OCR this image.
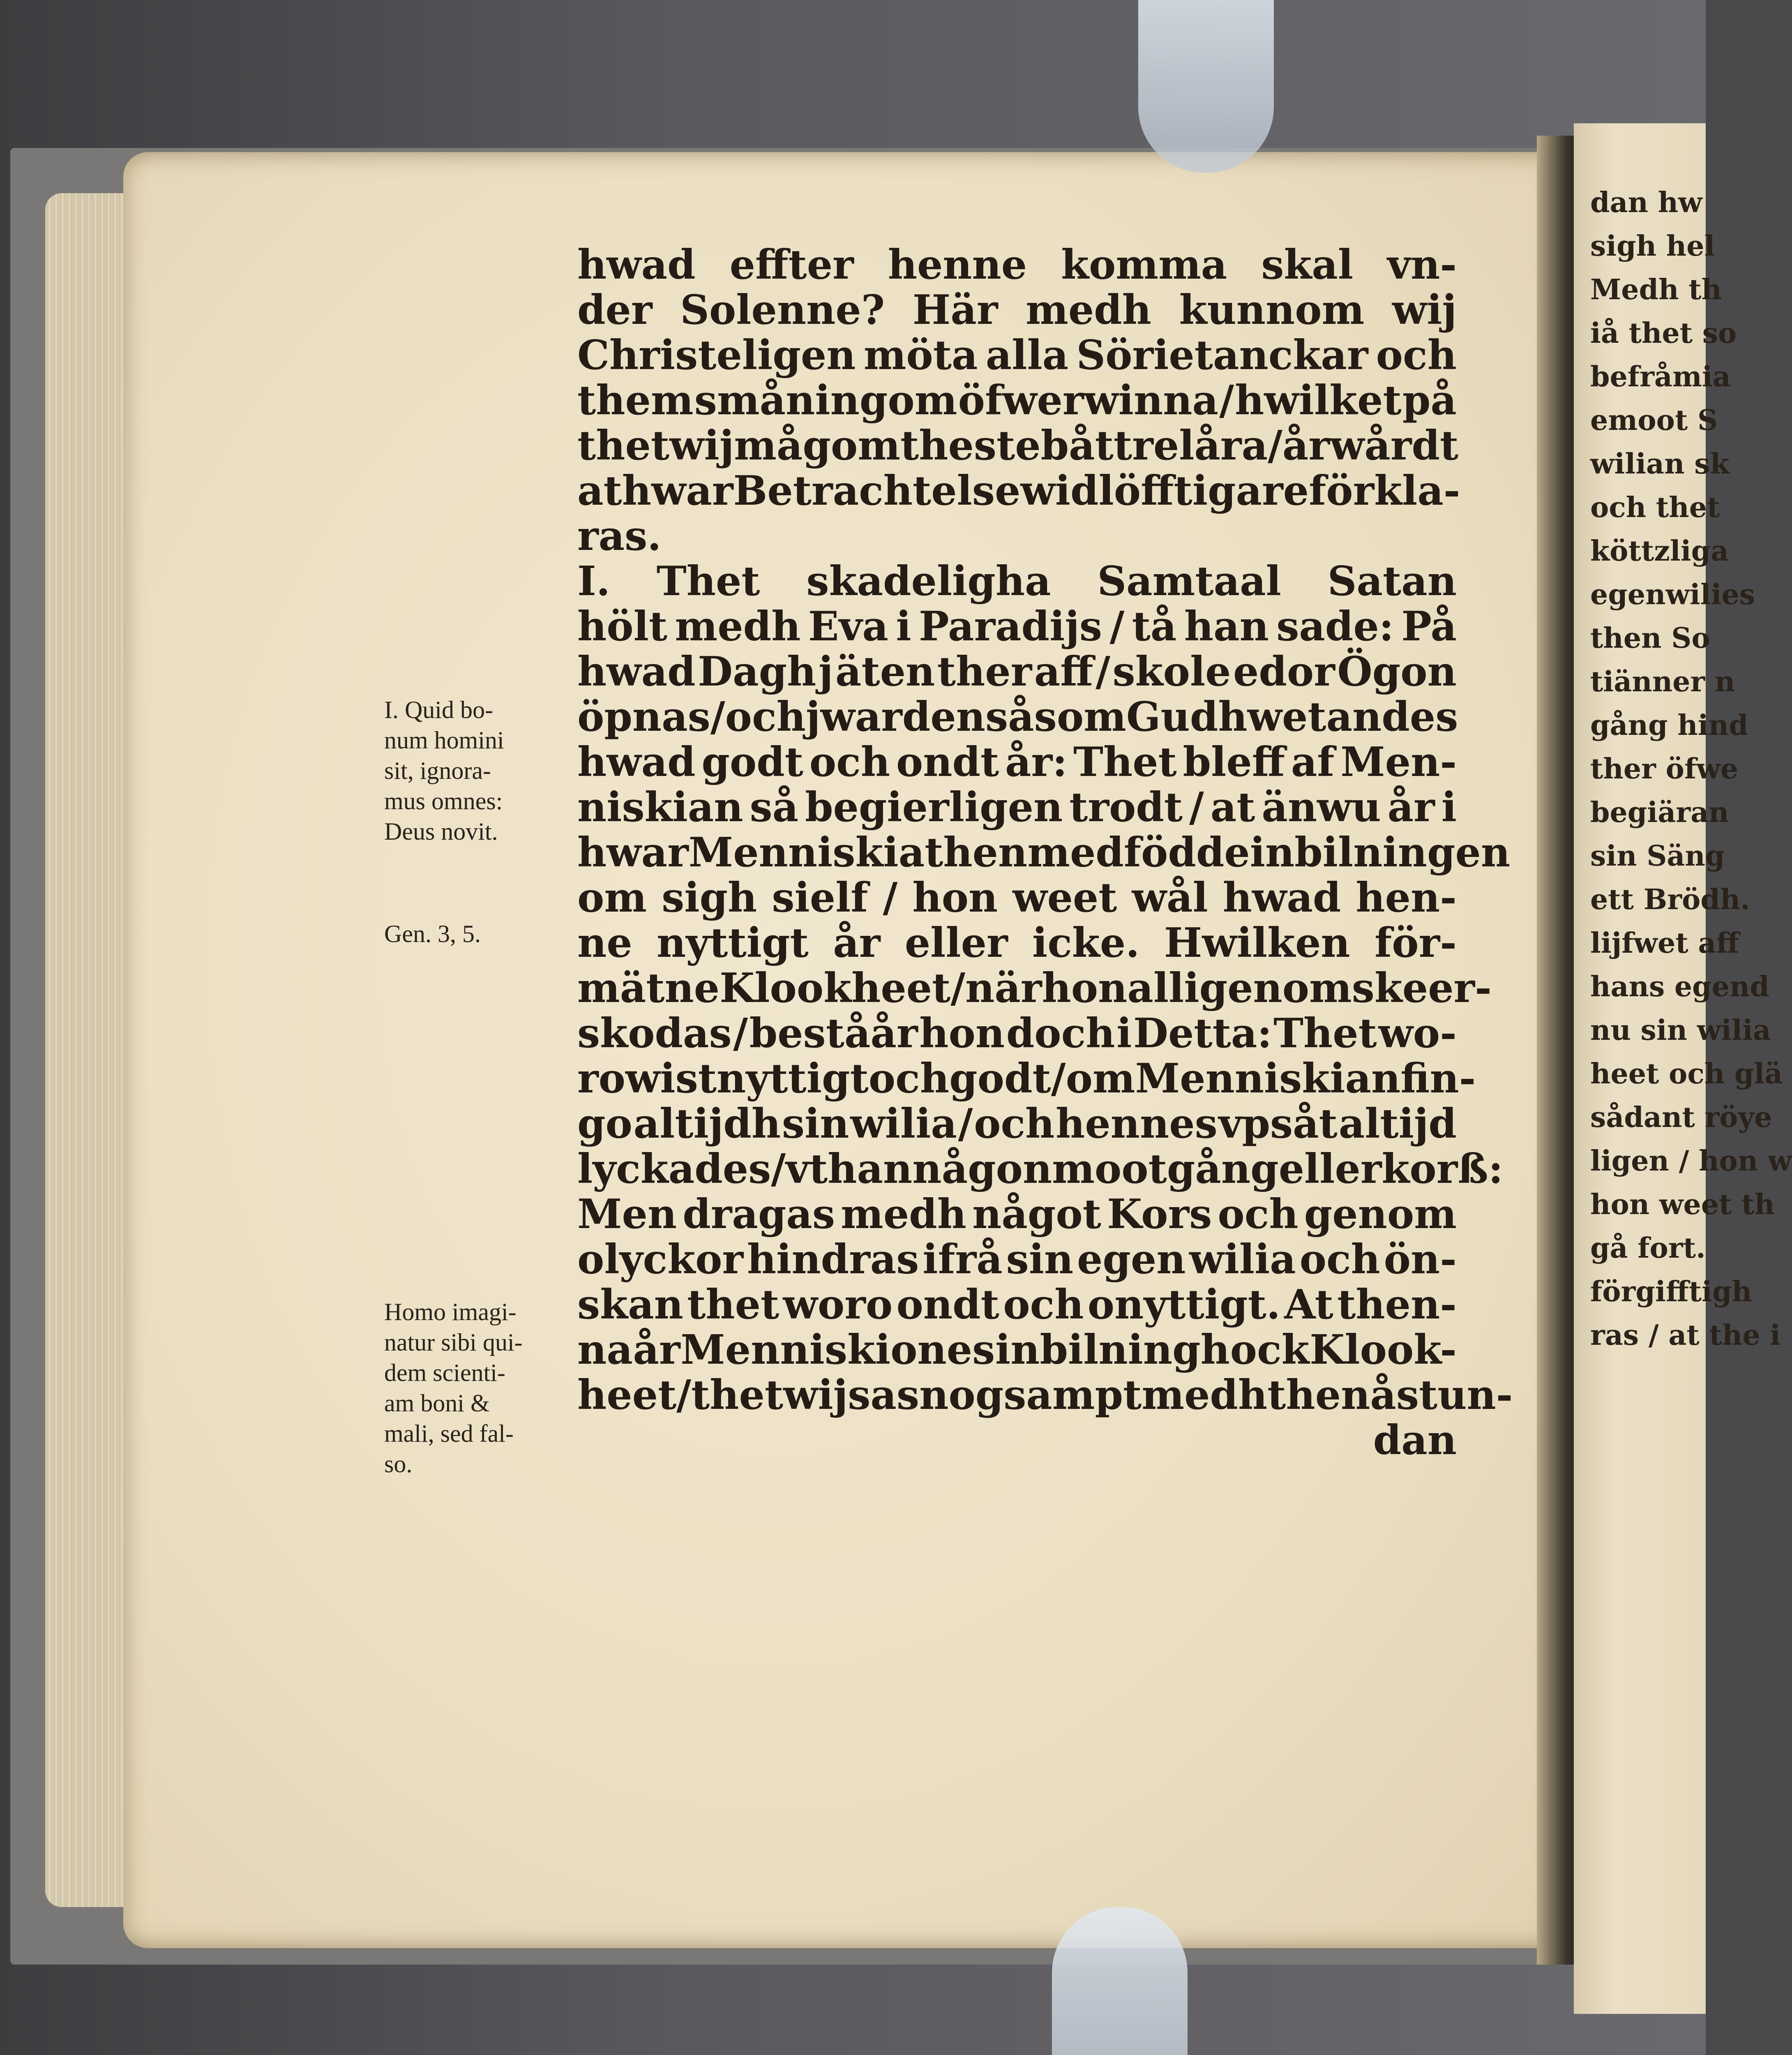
hwad effter henne komma skal vn-
der Solenne? Här medh kunnom wij
Christeligen möta alla Sörietanckar och
them småningom öfwerwinna / hwilket på
thet wij mågom theste båttre låra / år wårdt
at hwar Betrachtelse widlöfftigare förkla-
ras.
I. Thet skadeligha Samtaal Satan
hölt medh Eva i Paradijs / tå han sade: På
hwad Dagh j äten ther aff / skole edor Ögon
öpnas / och j warden såsom Gudh wetandes
hwad godt och ondt år: Thet bleff af Men-
niskian så begierligen trodt / at änwu år i
hwar Menniskia then medfödde inbilningen
om sigh sielf / hon weet wål hwad hen-
ne nyttigt år eller icke. Hwilken för-
mätne Klookheet / när hon all igenom skeer-
skodas / beståår hon doch i Detta: Thet wo-
ro wist nyttigt och godt / om Menniskian fin-
go altijdh sin wilia / och hennes vpsåt altijd
lyckades / vthan någon mootgång eller korß:
Men dragas medh något Kors och genom
olyckor hindras ifrå sin egen wilia och ön-
skan thet woro ondt och onyttigt. At then-
na år Menniskiones inbilningh ock Klook-
heet / thet wijsas nogsampt medh then åstun-
dan
I. Quid bo-
num homini
sit, ignora-
mus omnes:
Deus novit.
Gen. 3, 5.
Homo imagi-
natur sibi qui-
dem scienti-
am boni &
mali, sed fal-
so.
dan hw
sigh hel
Medh th
iå thet so
befråmia
emoot S
wilian sk
och thet
köttzliga
egenwilies
then So
tiänner n
gång hind
ther öfwe
begiäran
sin Säng
ett Brödh.
lijfwet aff
hans egend
nu sin wilia
heet och glä
sådant röye
ligen / hon w
hon weet th
gå fort.
förgifftigh
ras / at the i
